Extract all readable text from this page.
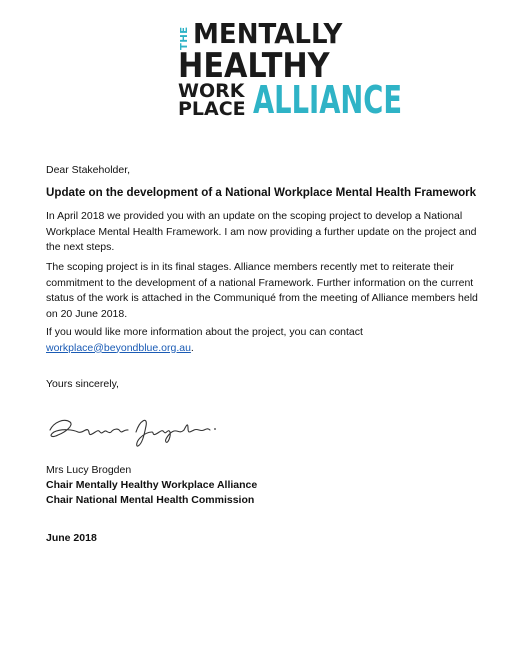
THE MENTALLY
HEALTHY
WORK
PLACE ALLIANCE
Dear Stakeholder,
Update on the development of a National Workplace Mental Health Framework
In April 2018 we provided you with an update on the scoping project to develop a National Workplace Mental Health Framework. I am now providing a further update on the project and the next steps.
The scoping project is in its final stages. Alliance members recently met to reiterate their commitment to the development of a national Framework. Further information on the current status of the work is attached in the Communiqué from the meeting of Alliance members held on 20 June 2018.
If you would like more information about the project, you can contact
workplace@beyondblue.org.au.
Yours sincerely,
Mrs Lucy Brogden
Chair Mentally Healthy Workplace Alliance
Chair National Mental Health Commission
June 2018
